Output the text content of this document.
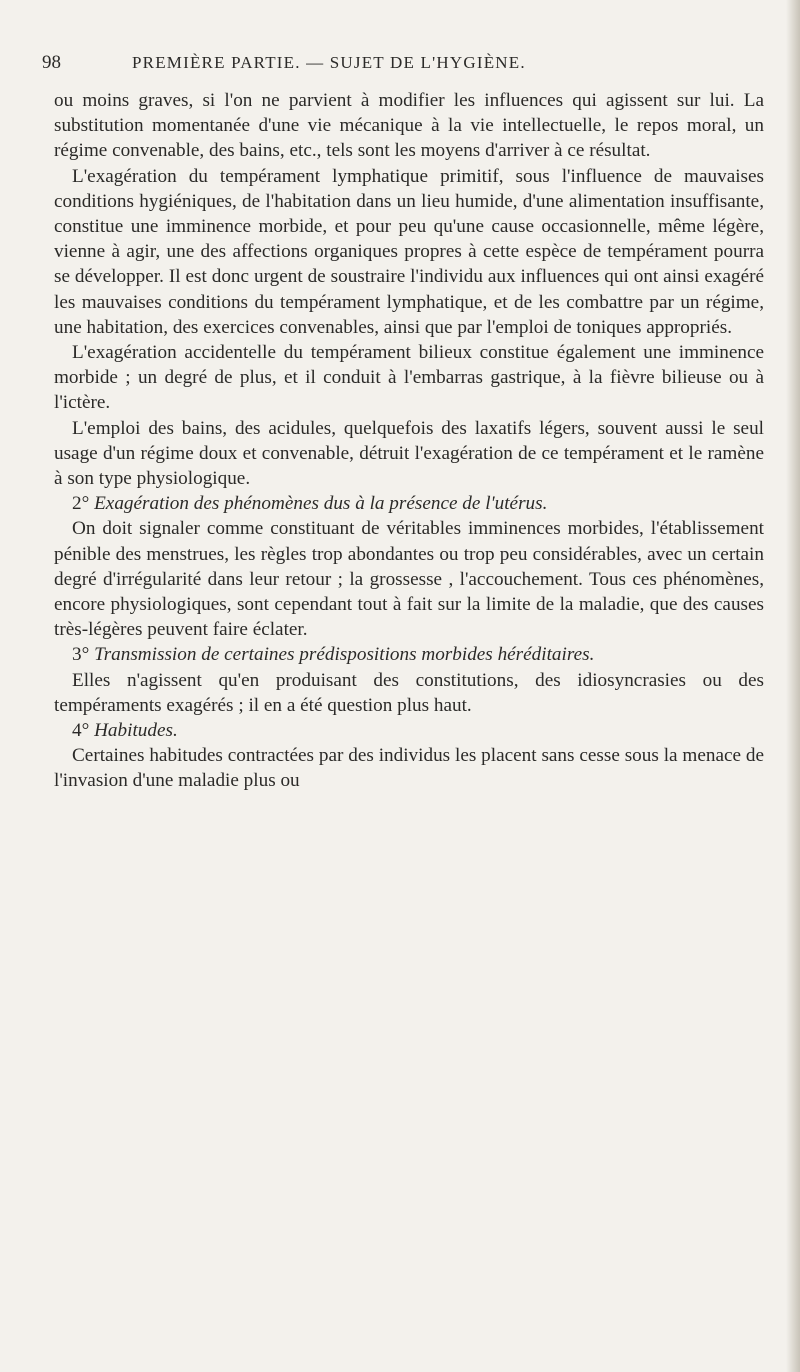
98	PREMIÈRE PARTIE. — SUJET DE L'HYGIÈNE.

ou moins graves, si l'on ne parvient à modifier les influences qui agissent sur lui. La substitution momentanée d'une vie mécanique à la vie intellectuelle, le repos moral, un régime convenable, des bains, etc., tels sont les moyens d'arriver à ce résultat.

L'exagération du tempérament lymphatique primitif, sous l'influence de mauvaises conditions hygiéniques, de l'habitation dans un lieu humide, d'une alimentation insuffisante, constitue une imminence morbide, et pour peu qu'une cause occasionnelle, même légère, vienne à agir, une des affections organiques propres à cette espèce de tempérament pourra se développer. Il est donc urgent de soustraire l'individu aux influences qui ont ainsi exagéré les mauvaises conditions du tempérament lymphatique, et de les combattre par un régime, une habitation, des exercices convenables, ainsi que par l'emploi de toniques appropriés.

L'exagération accidentelle du tempérament bilieux constitue également une imminence morbide ; un degré de plus, et il conduit à l'embarras gastrique, à la fièvre bilieuse ou à l'ictère.

L'emploi des bains, des acidules, quelquefois des laxatifs légers, souvent aussi le seul usage d'un régime doux et convenable, détruit l'exagération de ce tempérament et le ramène à son type physiologique.

2° Exagération des phénomènes dus à la présence de l'utérus.

On doit signaler comme constituant de véritables imminences morbides, l'établissement pénible des menstrues, les règles trop abondantes ou trop peu considérables, avec un certain degré d'irrégularité dans leur retour ; la grossesse , l'accouchement. Tous ces phénomènes, encore physiologiques, sont cependant tout à fait sur la limite de la maladie, que des causes très-légères peuvent faire éclater.

3° Transmission de certaines prédispositions morbides héréditaires.

Elles n'agissent qu'en produisant des constitutions, des idiosyncrasies ou des tempéraments exagérés ; il en a été question plus haut.

4° Habitudes.

Certaines habitudes contractées par des individus les placent sans cesse sous la menace de l'invasion d'une maladie plus ou
